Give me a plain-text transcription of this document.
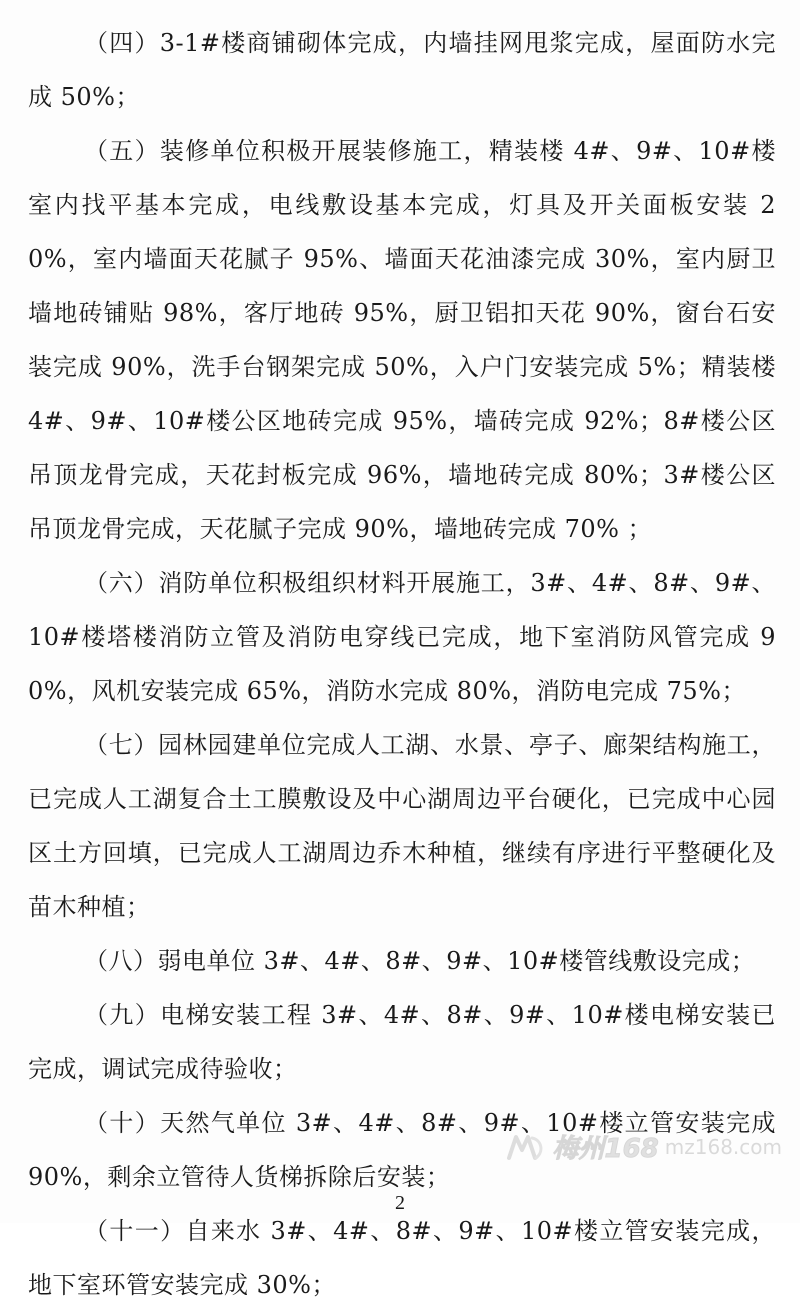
（四）3-1#楼商铺砌体完成，内墙挂网甩浆完成，屋面防水完成 50%；

（五）装修单位积极开展装修施工，精装楼 4#、9#、10#楼室内找平基本完成，电线敷设基本完成，灯具及开关面板安装 20%，室内墙面天花腻子 95%、墙面天花油漆完成 30%，室内厨卫墙地砖铺贴 98%，客厅地砖 95%，厨卫铝扣天花 90%，窗台石安装完成 90%，洗手台钢架完成 50%，入户门安装完成 5%；精装楼 4#、9#、10#楼公区地砖完成 95%，墙砖完成 92%；8#楼公区吊顶龙骨完成，天花封板完成 96%，墙地砖完成 80%；3#楼公区吊顶龙骨完成，天花腻子完成 90%，墙地砖完成 70% ；

（六）消防单位积极组织材料开展施工，3#、4#、8#、9#、10#楼塔楼消防立管及消防电穿线已完成，地下室消防风管完成 90%，风机安装完成 65%，消防水完成 80%，消防电完成 75%；

（七）园林园建单位完成人工湖、水景、亭子、廊架结构施工，已完成人工湖复合土工膜敷设及中心湖周边平台硬化，已完成中心园区土方回填，已完成人工湖周边乔木种植，继续有序进行平整硬化及苗木种植；

（八）弱电单位 3#、4#、8#、9#、10#楼管线敷设完成；

（九）电梯安装工程 3#、4#、8#、9#、10#楼电梯安装已完成，调试完成待验收；

（十）天然气单位 3#、4#、8#、9#、10#楼立管安装完成 90%，剩余立管待人货梯拆除后安装；

（十一）自来水 3#、4#、8#、9#、10#楼立管安装完成，地下室环管安装完成 30%；

梅州168 mz168.com
2
